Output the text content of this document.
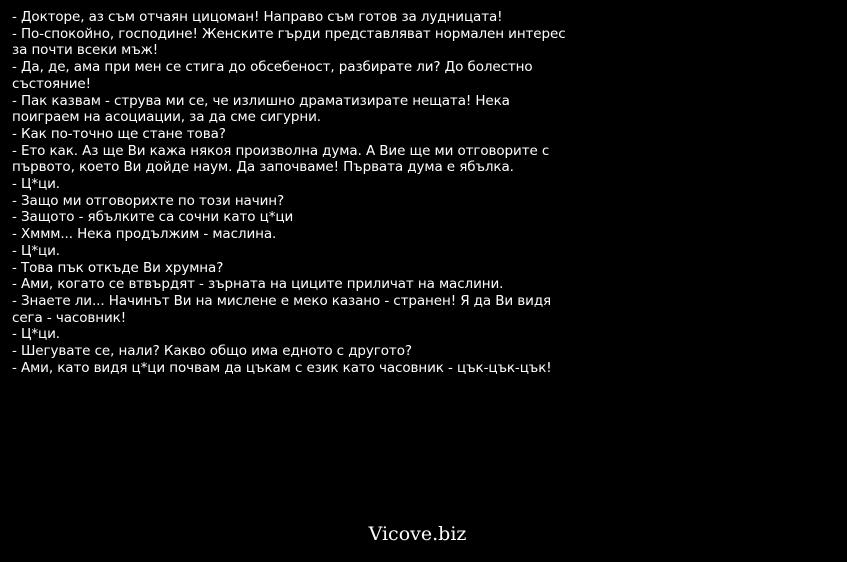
- Докторе, аз съм отчаян цицоман! Направо съм готов за лудницата!

- По-спокойно, господине! Женските гърди представляват нормален интерес за почти всеки мъж!

- Да, де, ама при мен се стига до обсебеност, разбирате ли? До болестно състояние!

- Пак казвам - струва ми се, че излишно драматизирате нещата! Нека поиграем на асоциации, за да сме сигурни.

- Как по-точно ще стане това?

- Ето как. Аз ще Ви кажа някоя произволна дума. А Вие ще ми отговорите с първото, което Ви дойде наум. Да започваме! Първата дума е ябълка.

- Ц*ци.

- Защо ми отговорихте по този начин?

- Защото - ябълките са сочни като ц*ци

- Хммм... Нека продължим - маслина.

- Ц*ци.

- Това пък откъде Ви хрумна?

- Ами, когато се втвърдят - зърната на циците приличат на маслини.

- Знаете ли... Начинът Ви на мислене е меко казано - странен! Я да Ви видя сега - часовник!

- Ц*ци.

- Шегувате се, нали? Какво общо има едното с другото?

- Ами, като видя ц*ци почвам да цъкам с език като часовник - цък-цък-цък!

Vicove.biz
